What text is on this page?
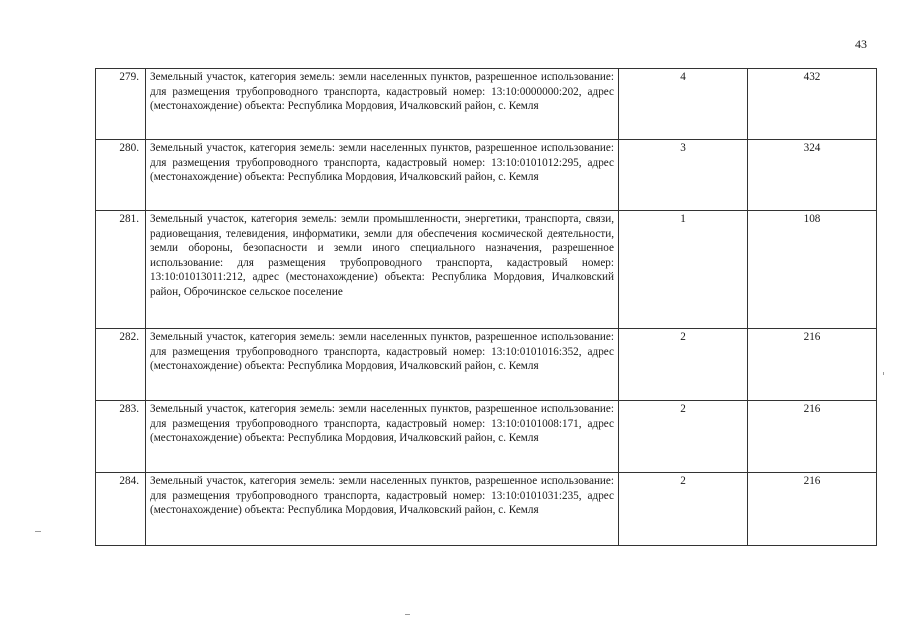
43
279.	Земельный участок, категория земель: земли населенных пунктов, разрешенное использование: для размещения трубопроводного транспорта, кадастровый номер: 13:10:0000000:202, адрес (местонахождение) объекта: Республика Мордовия, Ичалковский район, с. Кемля	4	432
280.	Земельный участок, категория земель: земли населенных пунктов, разрешенное использование: для размещения трубопроводного транспорта, кадастровый номер: 13:10:0101012:295, адрес (местонахождение) объекта: Республика Мордовия, Ичалковский район, с. Кемля	3	324
281.	Земельный участок, категория земель: земли промышленности, энергетики, транспорта, связи, радиовещания, телевидения, информатики, земли для обеспечения космической деятельности, земли обороны, безопасности и земли иного специального назначения, разрешенное использование: для размещения трубопроводного транспорта, кадастровый номер: 13:10:01013011:212, адрес (местонахождение) объекта: Республика Мордовия, Ичалковский район, Оброчинское сельское поселение	1	108
282.	Земельный участок, категория земель: земли населенных пунктов, разрешенное использование: для размещения трубопроводного транспорта, кадастровый номер: 13:10:0101016:352, адрес (местонахождение) объекта: Республика Мордовия, Ичалковский район, с. Кемля	2	216
283.	Земельный участок, категория земель: земли населенных пунктов, разрешенное использование: для размещения трубопроводного транспорта, кадастровый номер: 13:10:0101008:171, адрес (местонахождение) объекта: Республика Мордовия, Ичалковский район, с. Кемля	2	216
284.	Земельный участок, категория земель: земли населенных пунктов, разрешенное использование: для размещения трубопроводного транспорта, кадастровый номер: 13:10:0101031:235, адрес (местонахождение) объекта: Республика Мордовия, Ичалковский район, с. Кемля	2	216
